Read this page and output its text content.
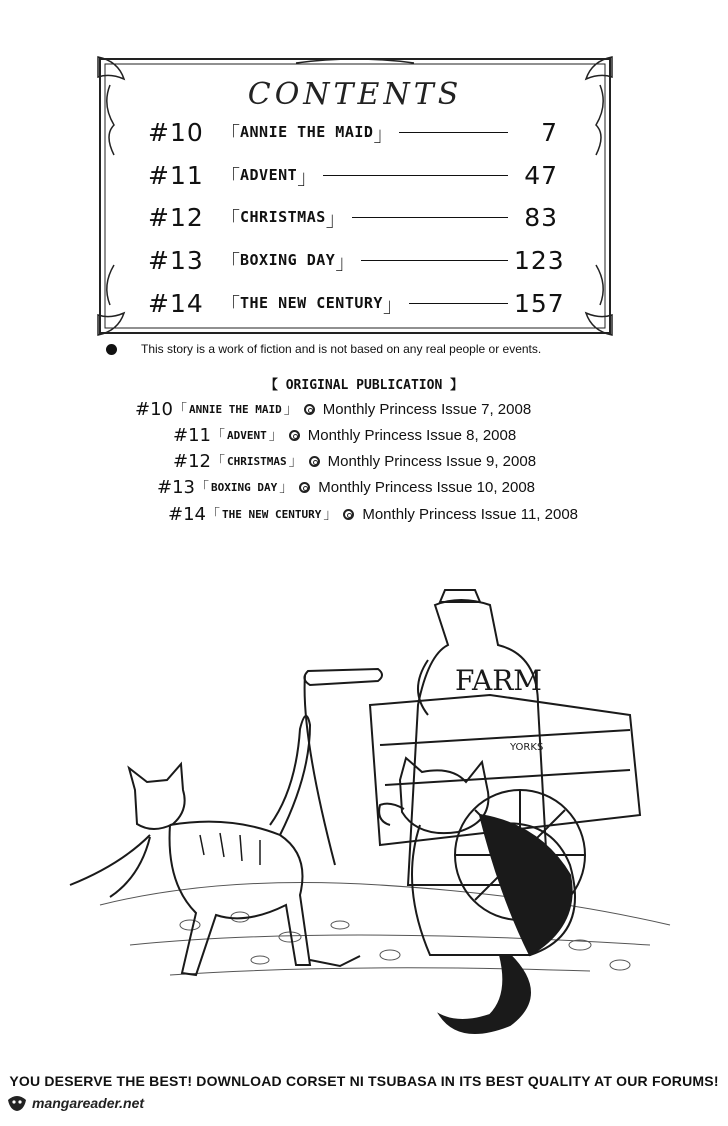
CONTENTS
#10 「 ANNIE THE MAID 」	7
#11 「 ADVENT 」	47
#12 「 CHRISTMAS 」	83
#13 「 BOXING DAY 」	123
#14 「 THE NEW CENTURY 」	157
This story is a work of fiction and is not based on any real people or events.
【 ORIGINAL PUBLICATION 】
#10 「 ANNIE THE MAID 」 Monthly Princess Issue 7, 2008
#11 「 ADVENT 」 Monthly Princess Issue 8, 2008
#12 「 CHRISTMAS 」 Monthly Princess Issue 9, 2008
#13 「 BOXING DAY 」 Monthly Princess Issue 10, 2008
#14 「 THE NEW CENTURY 」 Monthly Princess Issue 11, 2008
FARM
YORKS
YOU DESERVE THE BEST! DOWNLOAD CORSET NI TSUBASA IN ITS BEST QUALITY AT OUR FORUMS!
mangareader.net
